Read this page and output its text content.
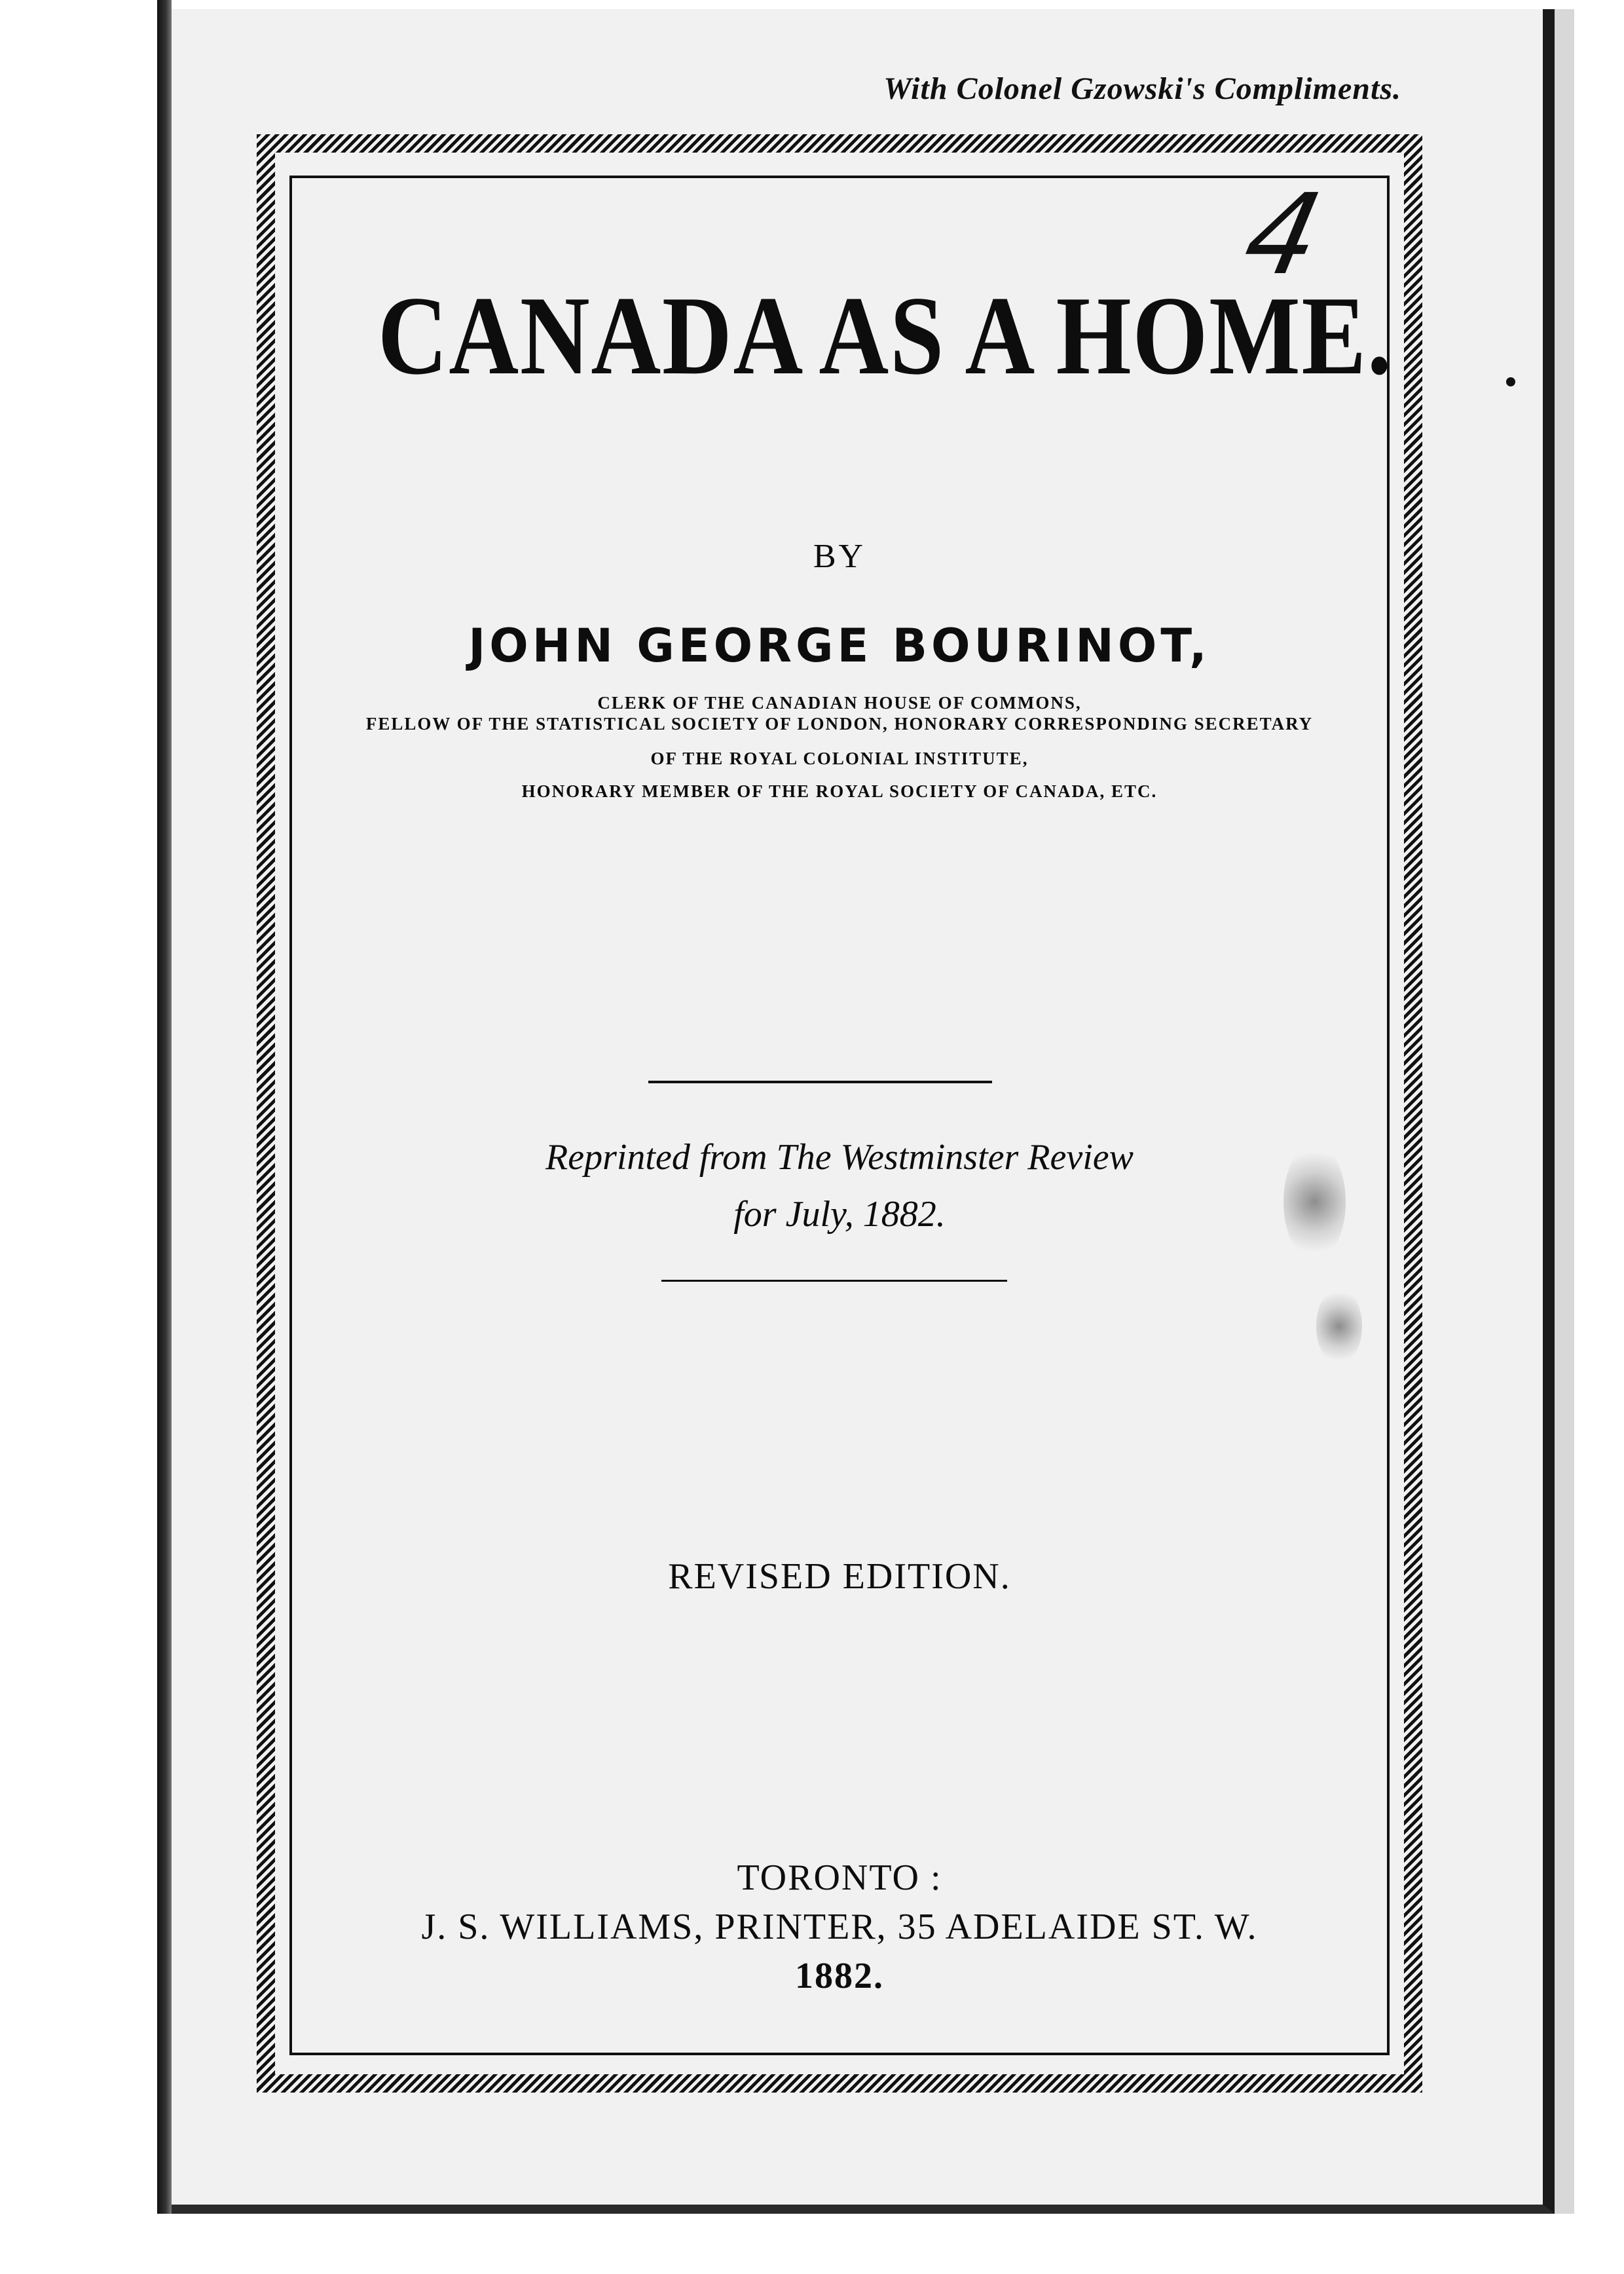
With Colonel Gzowski's Compliments.
4
CANADA AS A HOME.
BY
JOHN GEORGE BOURINOT,
CLERK OF THE CANADIAN HOUSE OF COMMONS,
FELLOW OF THE STATISTICAL SOCIETY OF LONDON, HONORARY CORRESPONDING SECRETARY
OF THE ROYAL COLONIAL INSTITUTE,
HONORARY MEMBER OF THE ROYAL SOCIETY OF CANADA, ETC.
Reprinted from The Westminster Review
for July, 1882.
REVISED EDITION.
TORONTO :
J. S. WILLIAMS, PRINTER, 35 ADELAIDE ST. W.
1882.
